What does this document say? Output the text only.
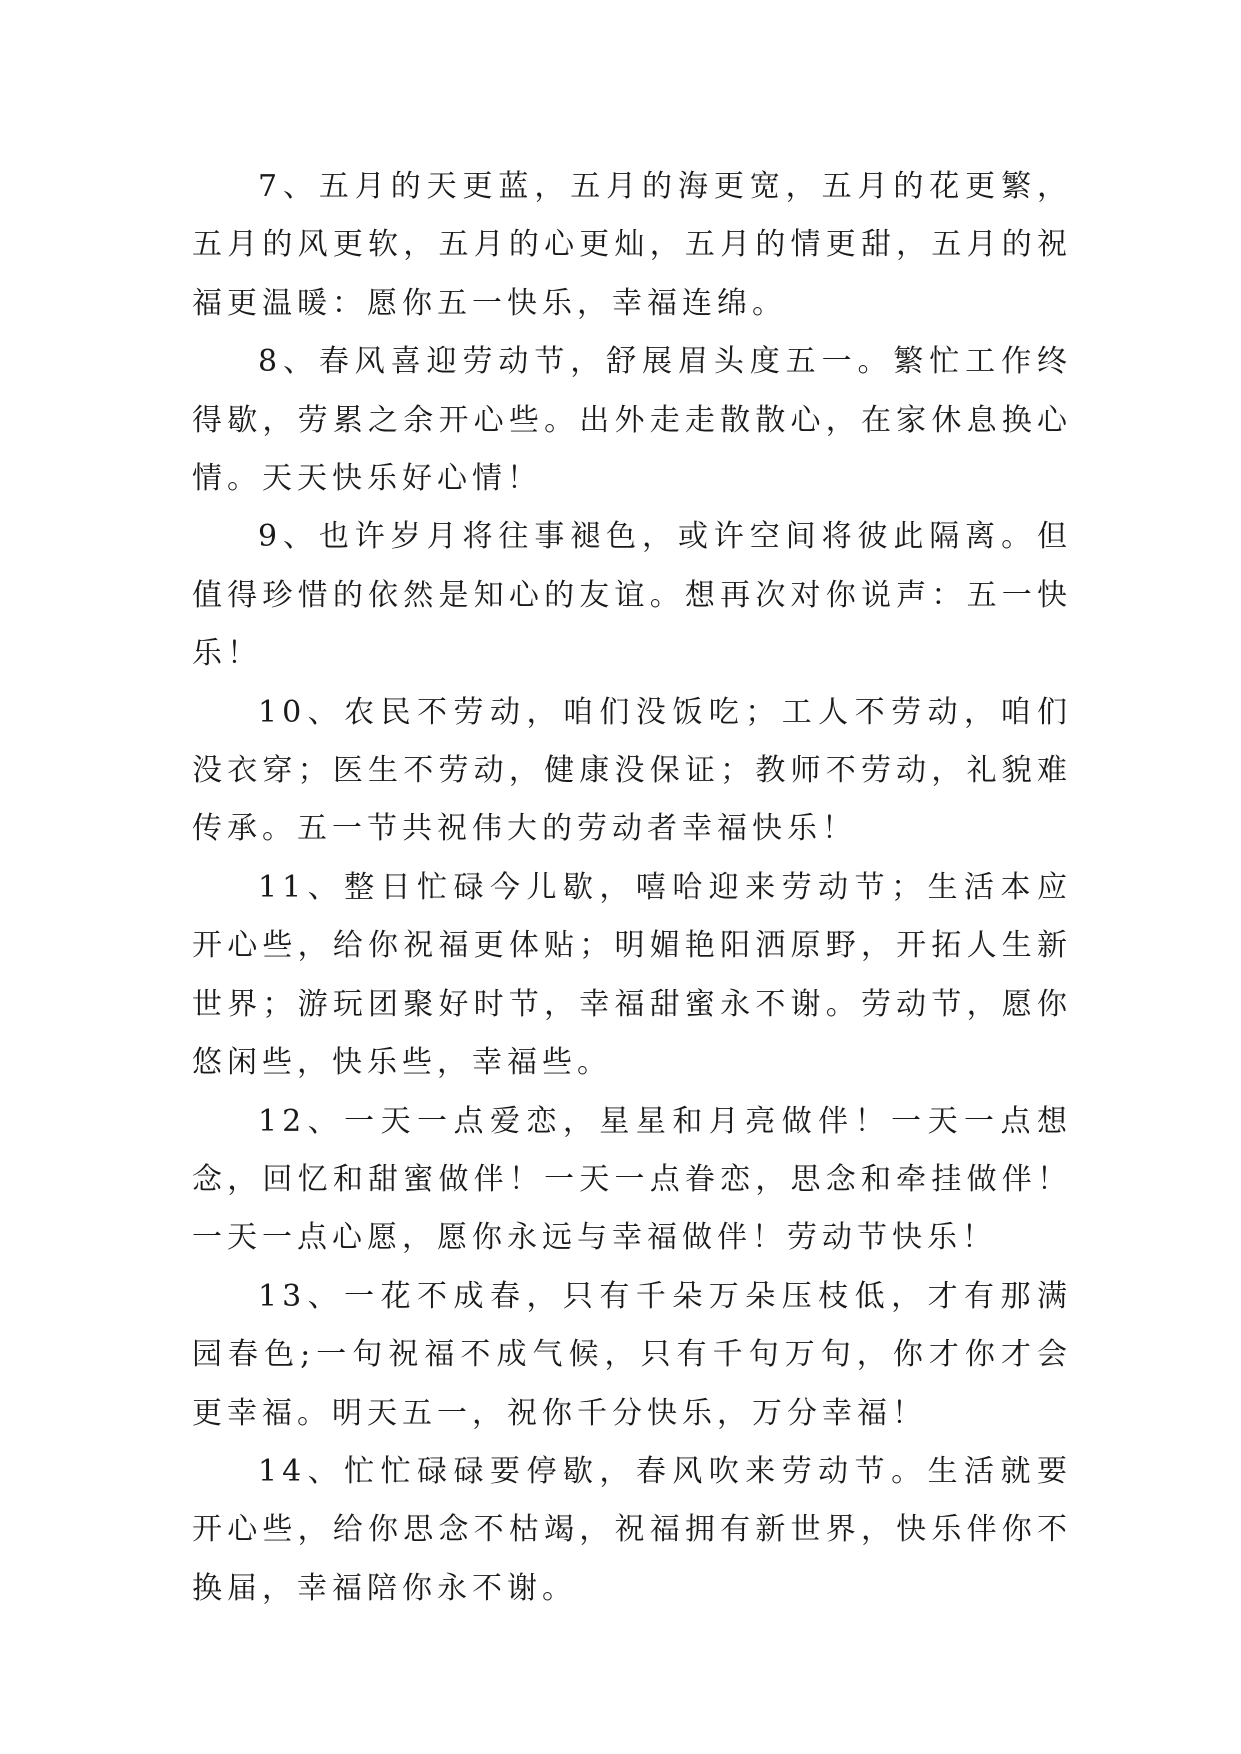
7、五月的天更蓝，五月的海更宽，五月的花更繁，五月的风更软，五月的心更灿，五月的情更甜，五月的祝福更温暖：愿你五一快乐，幸福连绵。

8、春风喜迎劳动节，舒展眉头度五一。繁忙工作终得歇，劳累之余开心些。出外走走散散心，在家休息换心情。天天快乐好心情！

9、也许岁月将往事褪色，或许空间将彼此隔离。但值得珍惜的依然是知心的友谊。想再次对你说声：五一快乐！

10、农民不劳动，咱们没饭吃；工人不劳动，咱们没衣穿；医生不劳动，健康没保证；教师不劳动，礼貌难传承。五一节共祝伟大的劳动者幸福快乐！

11、整日忙碌今儿歇，嘻哈迎来劳动节；生活本应开心些，给你祝福更体贴；明媚艳阳洒原野，开拓人生新世界；游玩团聚好时节，幸福甜蜜永不谢。劳动节，愿你悠闲些，快乐些，幸福些。

12、一天一点爱恋，星星和月亮做伴！一天一点想念，回忆和甜蜜做伴！一天一点眷恋，思念和牵挂做伴！一天一点心愿，愿你永远与幸福做伴！劳动节快乐！

13、一花不成春，只有千朵万朵压枝低，才有那满园春色;一句祝福不成气候，只有千句万句，你才你才会更幸福。明天五一，祝你千分快乐，万分幸福！

14、忙忙碌碌要停歇，春风吹来劳动节。生活就要开心些，给你思念不枯竭，祝福拥有新世界，快乐伴你不换届，幸福陪你永不谢。
